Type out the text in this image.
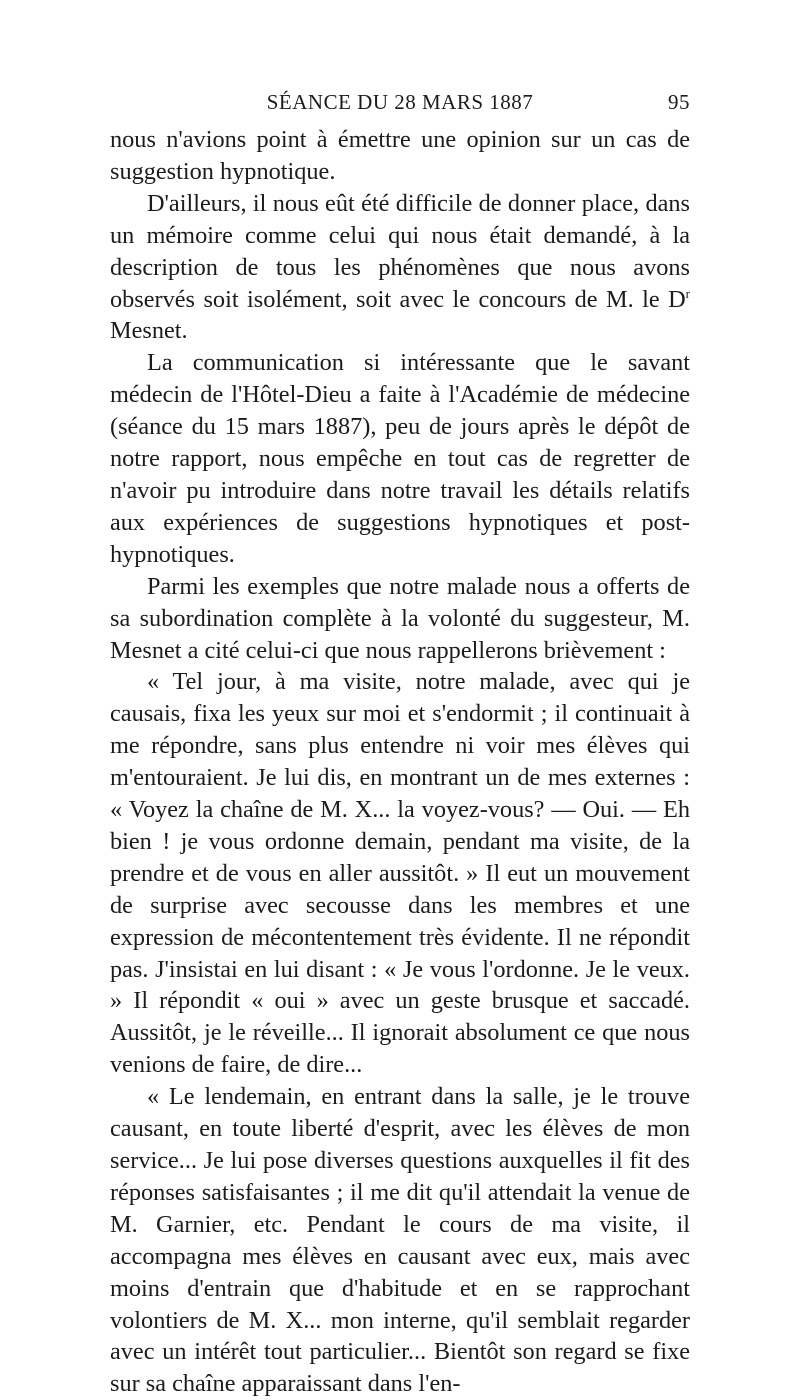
SÉANCE DU 28 MARS 1887	95

nous n'avions point à émettre une opinion sur un cas de suggestion hypnotique.

D'ailleurs, il nous eût été difficile de donner place, dans un mémoire comme celui qui nous était demandé, à la description de tous les phénomènes que nous avons observés soit isolément, soit avec le concours de M. le $D^r$ Mesnet.

La communication si intéressante que le savant médecin de l'Hôtel-Dieu a faite à l'Académie de médecine (séance du 15 mars 1887), peu de jours après le dépôt de notre rapport, nous empêche en tout cas de regretter de n'avoir pu introduire dans notre travail les détails relatifs aux expériences de suggestions hypnotiques et post-hypnotiques.

Parmi les exemples que notre malade nous a offerts de sa subordination complète à la volonté du suggesteur, M. Mesnet a cité celui-ci que nous rappellerons brièvement :

« Tel jour, à ma visite, notre malade, avec qui je causais, fixa les yeux sur moi et s'endormit ; il continuait à me répondre, sans plus entendre ni voir mes élèves qui m'entouraient. Je lui dis, en montrant un de mes externes : « Voyez la chaîne de M. X... la voyez-vous? — Oui. — Eh bien ! je vous ordonne demain, pendant ma visite, de la prendre et de vous en aller aussitôt. » Il eut un mouvement de surprise avec secousse dans les membres et une expression de mécontentement très évidente. Il ne répondit pas. J'insistai en lui disant : « Je vous l'ordonne. Je le veux. » Il répondit « oui » avec un geste brusque et saccadé. Aussitôt, je le réveille... Il ignorait absolument ce que nous venions de faire, de dire...

« Le lendemain, en entrant dans la salle, je le trouve causant, en toute liberté d'esprit, avec les élèves de mon service... Je lui pose diverses questions auxquelles il fit des réponses satisfaisantes ; il me dit qu'il attendait la venue de M. Garnier, etc. Pendant le cours de ma visite, il accompagna mes élèves en causant avec eux, mais avec moins d'entrain que d'habitude et en se rapprochant volontiers de M. X... mon interne, qu'il semblait regarder avec un intérêt tout particulier... Bientôt son regard se fixe sur sa chaîne apparaissant dans l'en-
